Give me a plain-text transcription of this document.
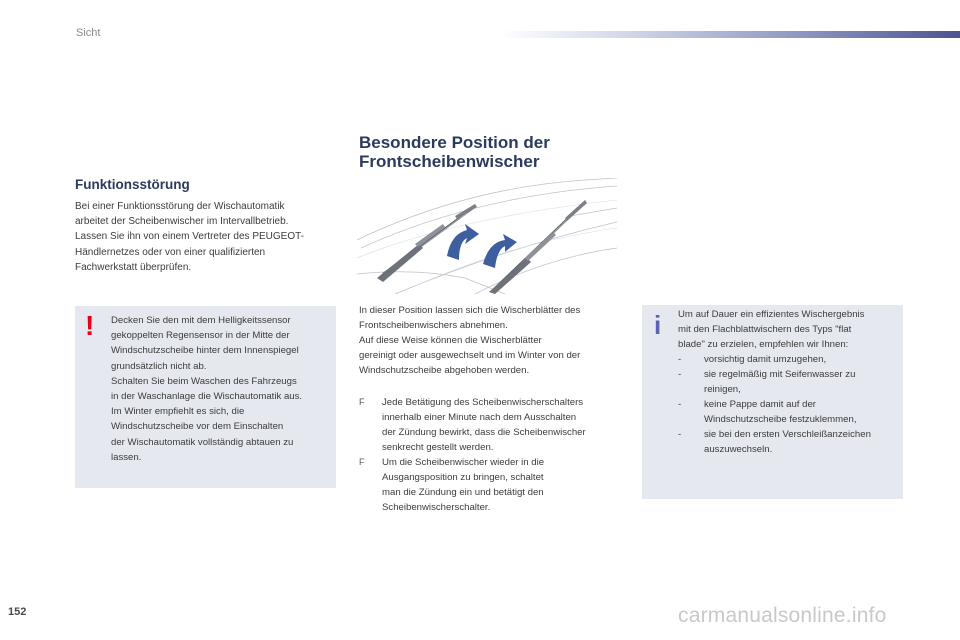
Sicht
Funktionsstörung
Bei einer Funktionsstörung der Wischautomatik
arbeitet der Scheibenwischer im Intervallbetrieb.
Lassen Sie ihn von einem Vertreter des PEUGEOT-
Händlernetzes oder von einer qualifizierten
Fachwerkstatt überprüfen.
! Decken Sie den mit dem Helligkeitssensor
gekoppelten Regensensor in der Mitte der
Windschutzscheibe hinter dem Innenspiegel
grundsätzlich nicht ab.
Schalten Sie beim Waschen des Fahrzeugs
in der Waschanlage die Wischautomatik aus.
Im Winter empfiehlt es sich, die
Windschutzscheibe vor dem Einschalten
der Wischautomatik vollständig abtauen zu
lassen.
Besondere Position der
Frontscheibenwischer
In dieser Position lassen sich die Wischerblätter des
Frontscheibenwischers abnehmen.
Auf diese Weise können die Wischerblätter
gereinigt oder ausgewechselt und im Winter von der
Windschutzscheibe abgehoben werden.
F	Jede Betätigung des Scheibenwischerschalters
innerhalb einer Minute nach dem Ausschalten
der Zündung bewirkt, dass die Scheibenwischer
senkrecht gestellt werden.
F	Um die Scheibenwischer wieder in die
Ausgangsposition zu bringen, schaltet
man die Zündung ein und betätigt den
Scheibenwischerschalter.
i Um auf Dauer ein effizientes Wischergebnis
mit den Flachblattwischern des Typs "flat
blade" zu erzielen, empfehlen wir Ihnen:
-	vorsichtig damit umzugehen,
-	sie regelmäßig mit Seifenwasser zu
reinigen,
-	keine Pappe damit auf der
Windschutzscheibe festzuklemmen,
-	sie bei den ersten Verschleißanzeichen
auszuwechseln.
152	carmanualsonline.info
